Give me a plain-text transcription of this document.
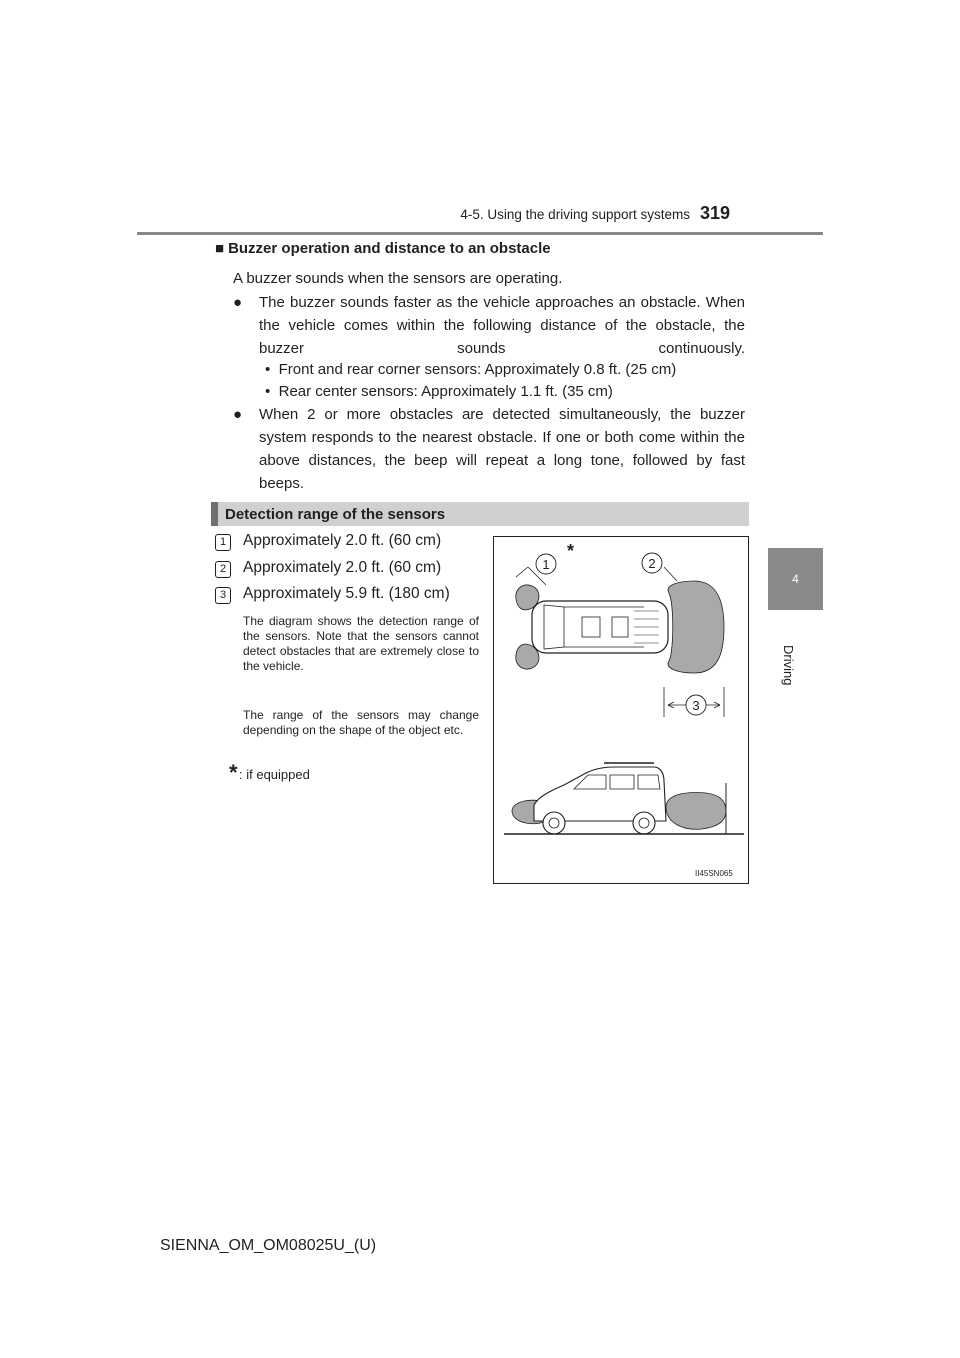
4-5. Using the driving support systems 319
4
Driving
■ Buzzer operation and distance to an obstacle
A buzzer sounds when the sensors are operating.
●	The buzzer sounds faster as the vehicle approaches an obstacle. When the vehicle comes within the following distance of the obstacle, the buzzer sounds continuously.
• Front and rear corner sensors: Approximately 0.8 ft. (25 cm)
• Rear center sensors: Approximately 1.1 ft. (35 cm)
●	When 2 or more obstacles are detected simultaneously, the buzzer system responds to the nearest obstacle. If one or both come within the above distances, the beep will repeat a long tone, followed by fast beeps.
Detection range of the sensors
1	Approximately 2.0 ft. (60 cm)
2	Approximately 2.0 ft. (60 cm)
3	Approximately 5.9 ft. (180 cm)
The diagram shows the detection range of the sensors. Note that the sensors cannot detect obstacles that are extremely close to the vehicle.
The range of the sensors may change depending on the shape of the object etc.
* : if equipped
1
*
2
3
II45SN065
SIENNA_OM_OM08025U_(U)
